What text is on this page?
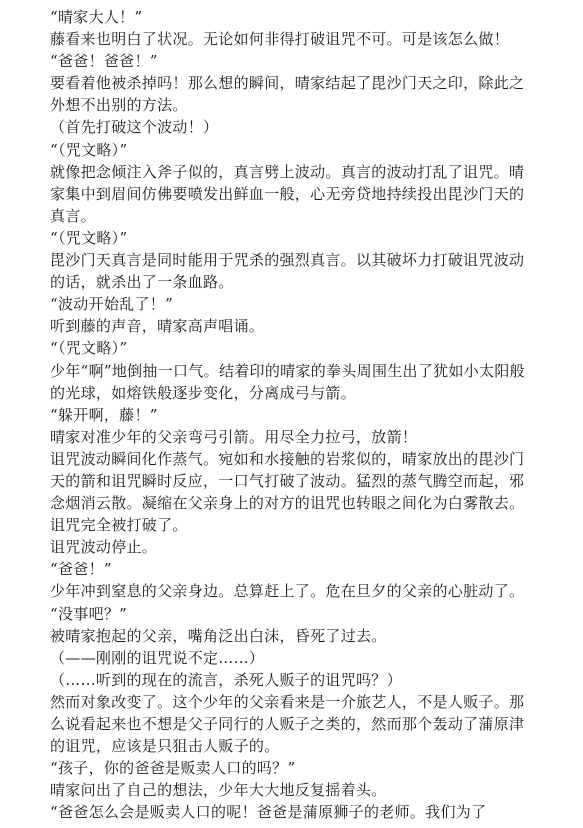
“晴家大人！”

藤看来也明白了状况。无论如何非得打破诅咒不可。可是该怎么做！

“爸爸！爸爸！”

要看着他被杀掉吗！那么想的瞬间，晴家结起了毘沙门天之印，除此之外想不出别的方法。

（首先打破这个波动！）

“（咒文略）”

就像把念倾注入斧子似的，真言劈上波动。真言的波动打乱了诅咒。晴家集中到眉间仿佛要喷发出鲜血一般，心无旁贷地持续投出毘沙门天的真言。

“（咒文略）”

毘沙门天真言是同时能用于咒杀的强烈真言。以其破坏力打破诅咒波动的话，就杀出了一条血路。

“波动开始乱了！”

听到藤的声音，晴家高声唱诵。

“（咒文略）”

少年“啊”地倒抽一口气。结着印的晴家的拳头周围生出了犹如小太阳般的光球，如熔铁般逐步变化，分离成弓与箭。

“躲开啊，藤！”

晴家对准少年的父亲弯弓引箭。用尽全力拉弓，放箭！

诅咒波动瞬间化作蒸气。宛如和水接触的岩浆似的，晴家放出的毘沙门天的箭和诅咒瞬时反应，一口气打破了波动。猛烈的蒸气腾空而起，邪念烟消云散。凝缩在父亲身上的对方的诅咒也转眼之间化为白雾散去。

诅咒完全被打破了。

诅咒波动停止。

“爸爸！”

少年冲到窒息的父亲身边。总算赶上了。危在旦夕的父亲的心脏动了。

“没事吧？”

被晴家抱起的父亲，嘴角泛出白沫，昏死了过去。

（——刚刚的诅咒说不定……）

（……听到的现在的流言，杀死人贩子的诅咒吗？）

然而对象改变了。这个少年的父亲看来是一介旅艺人，不是人贩子。那么说看起来也不想是父子同行的人贩子之类的，然而那个轰动了蒲原津的诅咒，应该是只狙击人贩子的。

“孩子，你的爸爸是贩卖人口的吗？”

晴家问出了自己的想法，少年大大地反复摇着头。

“爸爸怎么会是贩卖人口的呢！爸爸是蒲原狮子的老师。我们为了
